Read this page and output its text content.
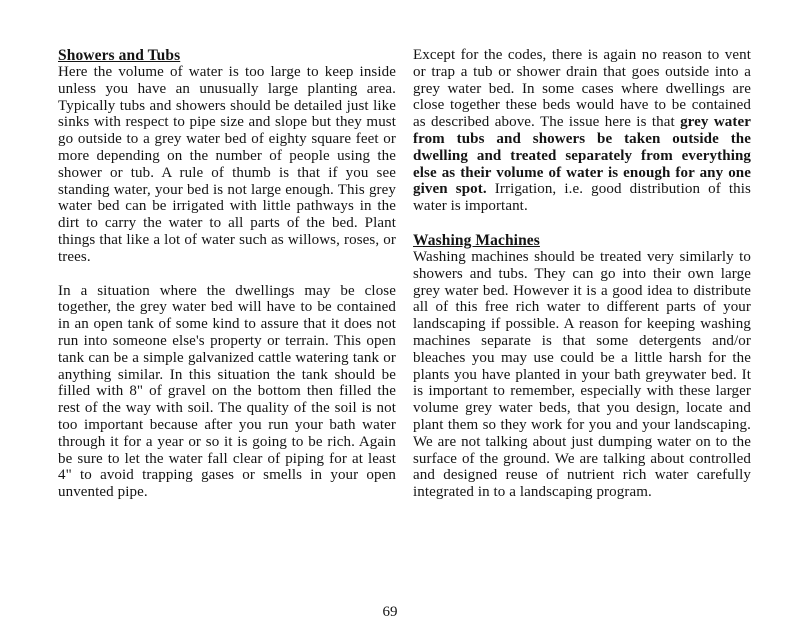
Showers and Tubs

Here the volume of water is too large to keep inside unless you have an unusually large planting area. Typically tubs and showers should be detailed just like sinks with respect to pipe size and slope but they must go outside to a grey water bed of eighty square feet or more depending on the number of people using the shower or tub. A rule of thumb is that if you see standing water, your bed is not large enough. This grey water bed can be irrigated with little pathways in the dirt to carry the water to all parts of the bed. Plant things that like a lot of water such as willows, roses, or trees.

In a situation where the dwellings may be close together, the grey water bed will have to be contained in an open tank of some kind to assure that it does not run into someone else's property or terrain. This open tank can be a simple galvanized cattle watering tank or anything similar. In this situation the tank should be filled with 8" of gravel on the bottom then filled the rest of the way with soil. The quality of the soil is not too important because after you run your bath water through it for a year or so it is going to be rich. Again be sure to let the water fall clear of piping for at least 4" to avoid trapping gases or smells in your open unvented pipe.

Except for the codes, there is again no reason to vent or trap a tub or shower drain that goes outside into a grey water bed. In some cases where dwellings are close together these beds would have to be contained as described above. The issue here is that grey water from tubs and showers be taken outside the dwelling and treated separately from everything else as their volume of water is enough for any one given spot. Irrigation, i.e. good distribution of this water is important.

Washing Machines

Washing machines should be treated very similarly to showers and tubs. They can go into their own large grey water bed. However it is a good idea to distribute all of this free rich water to different parts of your landscaping if possible. A reason for keeping washing machines separate is that some detergents and/or bleaches you may use could be a little harsh for the plants you have planted in your bath greywater bed. It is important to remember, especially with these larger volume grey water beds, that you design, locate and plant them so they work for you and your landscaping. We are not talking about just dumping water on to the surface of the ground. We are talking about controlled and designed reuse of nutrient rich water carefully integrated in to a landscaping program.

69
